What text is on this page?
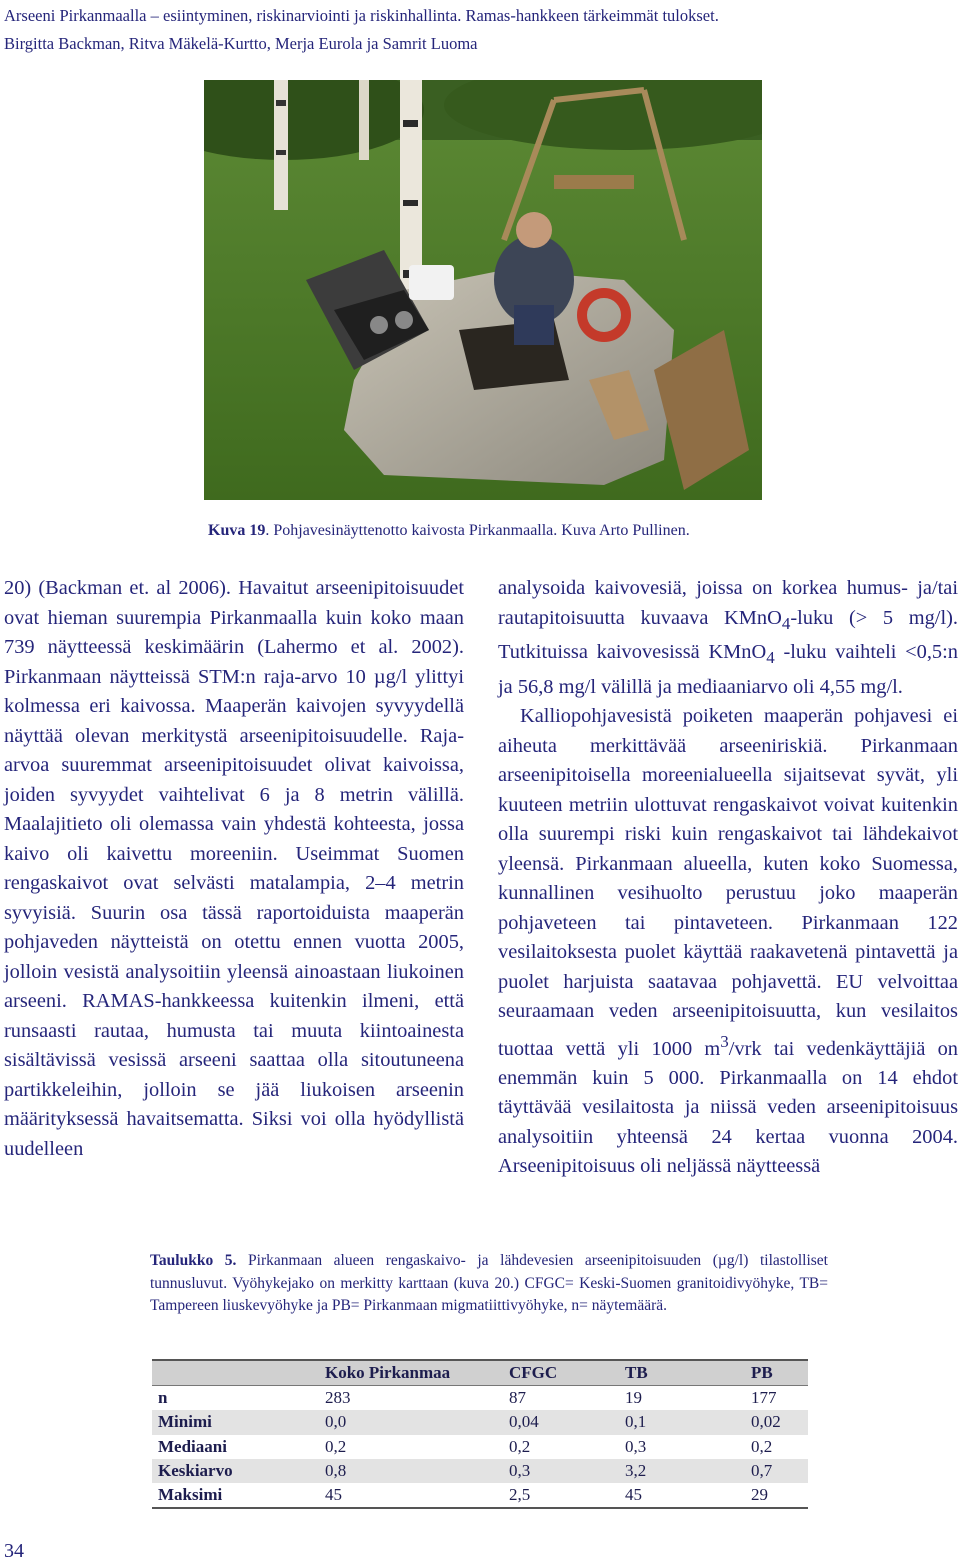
Arseeni Pirkanmaalla – esiintyminen, riskinarviointi ja riskinhallinta. Ramas-hankkeen tärkeimmät tulokset.
Birgitta Backman, Ritva Mäkelä-Kurtto, Merja Eurola ja Samrit Luoma
Kuva 19. Pohjavesinäyttenotto kaivosta Pirkanmaalla. Kuva Arto Pullinen.

20) (Backman et. al 2006). Havaitut arseenipitoisuudet ovat hieman suurempia Pirkanmaalla kuin koko maan 739 näytteessä keskimäärin (Lahermo et al. 2002). Pirkanmaan näytteissä STM:n raja-arvo 10 µg/l ylittyi kolmessa eri kaivossa. Maaperän kaivojen syvyydellä näyttää olevan merkitystä arseenipitoisuudelle. Raja-arvoa suuremmat arseenipitoisuudet olivat kaivoissa, joiden syvyydet vaihtelivat 6 ja 8 metrin välillä. Maalajitieto oli olemassa vain yhdestä kohteesta, jossa kaivo oli kaivettu moreeniin. Useimmat Suomen rengaskaivot ovat selvästi matalampia, 2–4 metrin syvyisiä. Suurin osa tässä raportoiduista maaperän pohjaveden näytteistä on otettu ennen vuotta 2005, jolloin vesistä analysoitiin yleensä ainoastaan liukoinen arseeni. RAMAS-hankkeessa kuitenkin ilmeni, että runsaasti rautaa, humusta tai muuta kiintoainesta sisältävissä vesissä arseeni saattaa olla sitoutuneena partikkeleihin, jolloin se jää liukoisen arseenin määrityksessä havaitsematta. Siksi voi olla hyödyllistä uudelleen

analysoida kaivovesiä, joissa on korkea humus- ja/tai rautapitoisuutta kuvaava KMnO$_4$-luku (> 5 mg/l). Tutkituissa kaivovesissä KMnO$_4$ -luku vaihteli <0,5:n ja 56,8 mg/l välillä ja mediaaniarvo oli 4,55 mg/l.

Kalliopohjavesistä poiketen maaperän pohjavesi ei aiheuta merkittävää arseeniriskiä. Pirkanmaan arseenipitoisella moreenialueella sijaitsevat syvät, yli kuuteen metriin ulottuvat rengaskaivot voivat kuitenkin olla suurempi riski kuin rengaskaivot tai lähdekaivot yleensä. Pirkanmaan alueella, kuten koko Suomessa, kunnallinen vesihuolto perustuu joko maaperän pohjaveteen tai pintaveteen. Pirkanmaan 122 vesilaitoksesta puolet käyttää raakavetenä pintavettä ja puolet harjuista saatavaa pohjavettä. EU velvoittaa seuraamaan veden arseenipitoisuutta, kun vesilaitos tuottaa vettä yli 1000 $m^3$/vrk tai vedenkäyttäjiä on enemmän kuin 5 000. Pirkanmaalla on 14 ehdot täyttävää vesilaitosta ja niissä veden arseenipitoisuus analysoitiin yhteensä 24 kertaa vuonna 2004. Arseenipitoisuus oli neljässä näytteessä

Taulukko 5. Pirkanmaan alueen rengaskaivo- ja lähdevesien arseenipitoisuuden (µg/l) tilastolliset tunnusluvut. Vyöhykejako on merkitty karttaan (kuva 20.) CFGC= Keski-Suomen granitoidivyöhyke, TB= Tampereen liuskevyöhyke ja PB= Pirkanmaan migmatiittivyöhyke, n= näytemäärä.
	Koko Pirkanmaa	CFGC	TB	PB
n	283	87	19	177
Minimi	0,0	0,04	0,1	0,02
Mediaani	0,2	0,2	0,3	0,2
Keskiarvo	0,8	0,3	3,2	0,7
Maksimi	45	2,5	45	29
34
